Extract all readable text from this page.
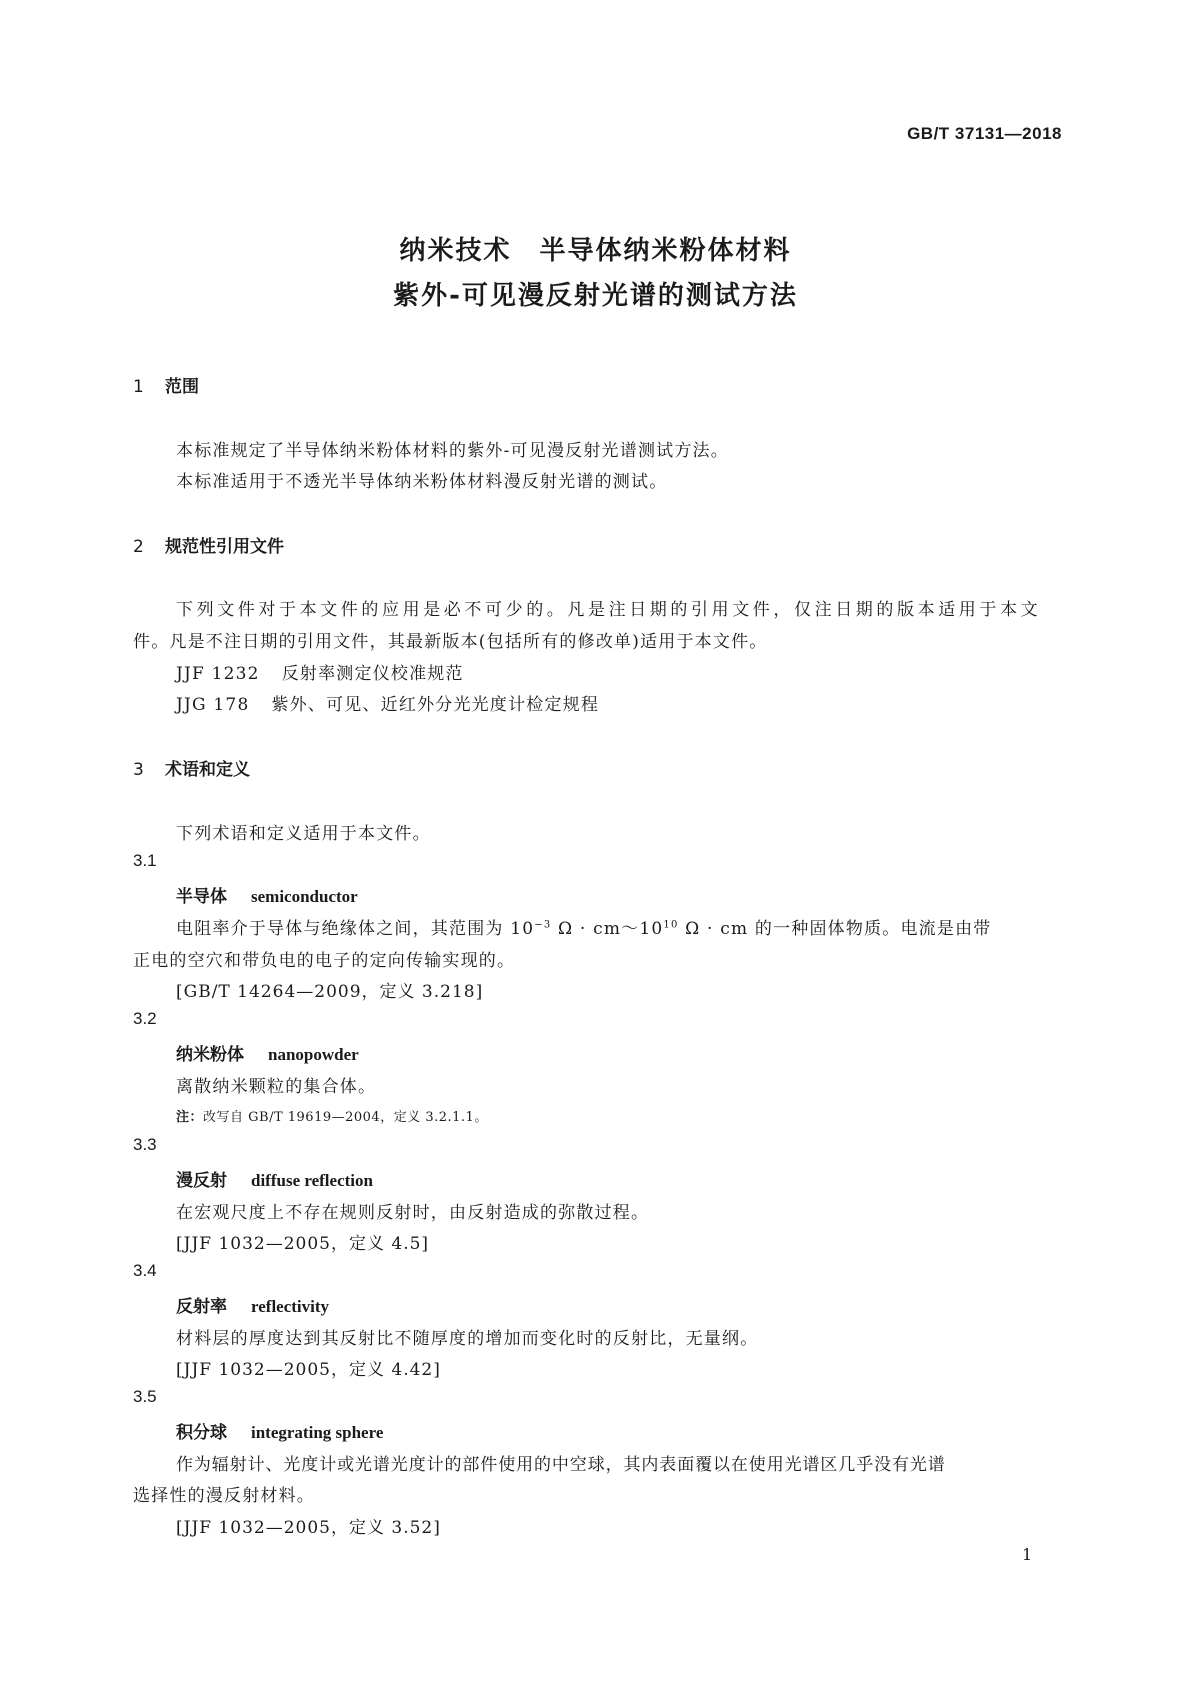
GB/T 37131—2018
纳米技术　半导体纳米粉体材料
紫外-可见漫反射光谱的测试方法
1 范围
本标准规定了半导体纳米粉体材料的紫外-可见漫反射光谱测试方法。
本标准适用于不透光半导体纳米粉体材料漫反射光谱的测试。
2 规范性引用文件
下列文件对于本文件的应用是必不可少的。凡是注日期的引用文件，仅注日期的版本适用于本文
件。凡是不注日期的引用文件，其最新版本(包括所有的修改单)适用于本文件。
JJF 1232 反射率测定仪校准规范
JJG 178 紫外、可见、近红外分光光度计检定规程
3 术语和定义
下列术语和定义适用于本文件。
3.1
半导体 semiconductor
电阻率介于导体与绝缘体之间，其范围为 $10^{-3}$ $\Omega \cdot cm\sim 10^{10}$ Ω · cm 的一种固体物质。电流是由带
正电的空穴和带负电的电子的定向传输实现的。
[GB/T 14264—2009，定义 3.218]
3.2
纳米粉体 nanopowder
离散纳米颗粒的集合体。
注：改写自 GB/T 19619—2004，定义 3.2.1.1。
3.3
漫反射 diffuse reflection
在宏观尺度上不存在规则反射时，由反射造成的弥散过程。
[JJF 1032—2005，定义 4.5]
3.4
反射率 reflectivity
材料层的厚度达到其反射比不随厚度的增加而变化时的反射比，无量纲。
[JJF 1032—2005，定义 4.42]
3.5
积分球 integrating sphere
作为辐射计、光度计或光谱光度计的部件使用的中空球，其内表面覆以在使用光谱区几乎没有光谱
选择性的漫反射材料。
[JJF 1032—2005，定义 3.52]
1
